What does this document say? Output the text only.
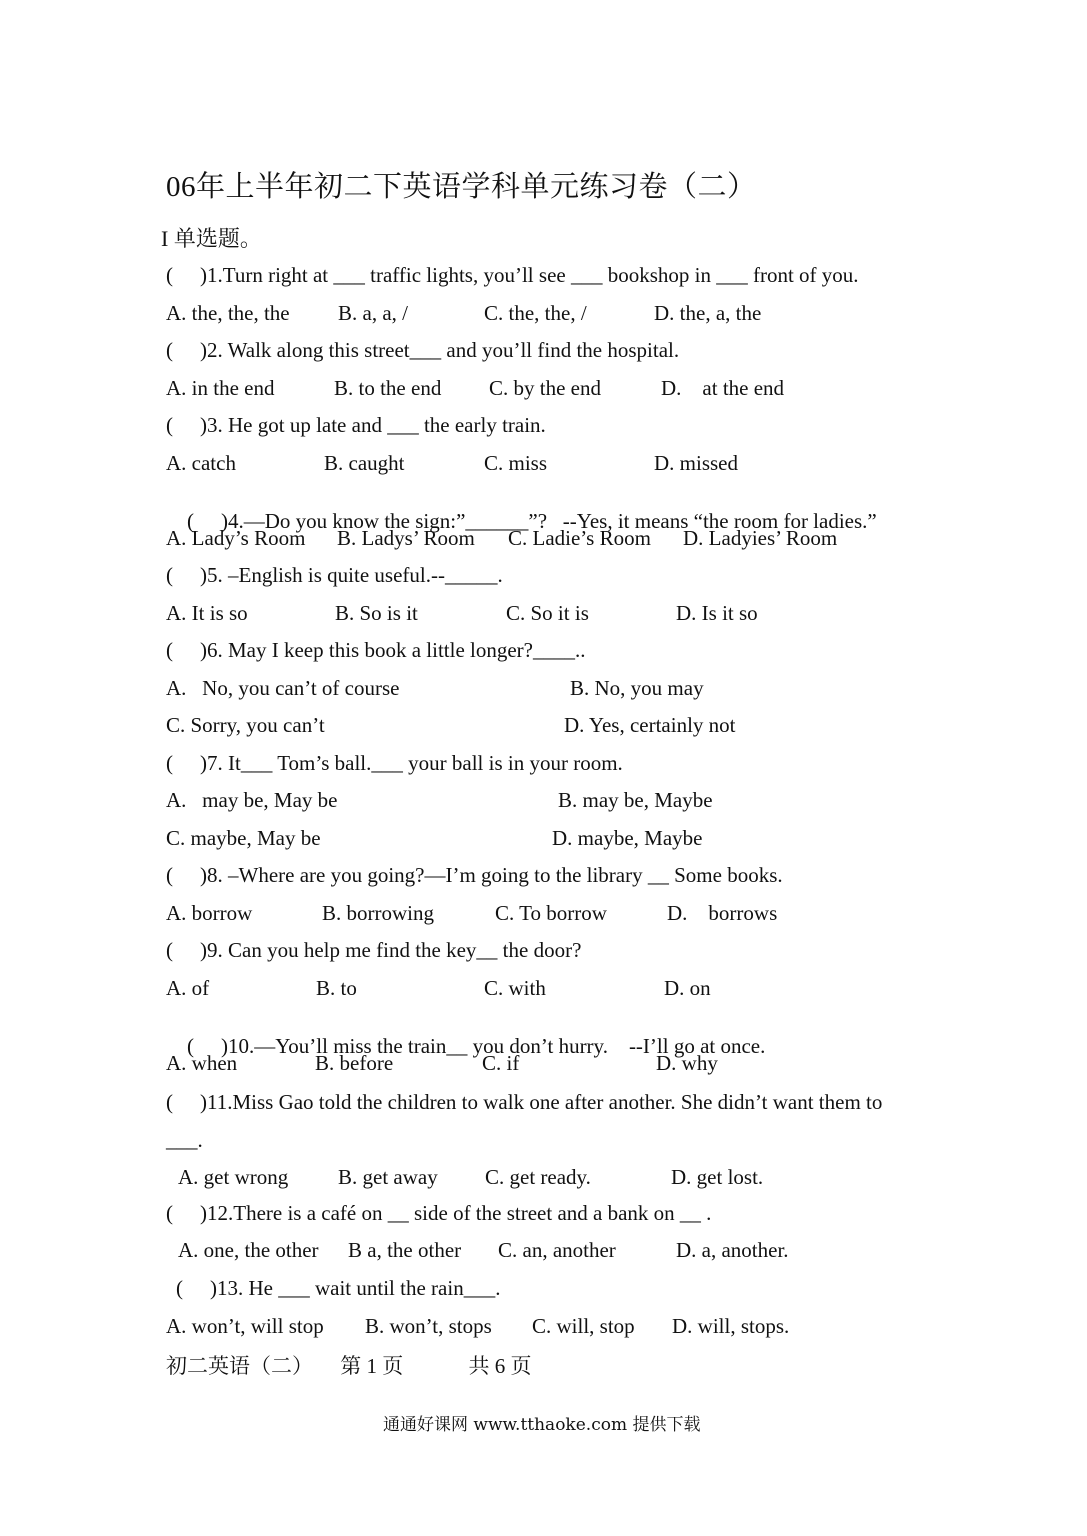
06年上半年初二下英语学科单元练习卷（二）
I 单选题。
( )1.Turn right at ___ traffic lights, you’ll see ___ bookshop in ___ front of you.
A. the, the, the B. a, a, /	C. the, the, /	D. the, a, the
( )2. Walk along this street___ and you’ll find the hospital.
A. in the end	B. to the end C. by the end	D.    at the end
( )3. He got up late and ___ the early train.
A. catch	B. caught	C. miss	D. missed

( )4.—Do you know the sign:”______”?   --Yes, it means “the room for ladies.”

A. Lady’s Room B. Ladys’ Room C. Ladie’s Room D. Ladyies’ Room
( )5. –English is quite useful.--_____.
A. It is so	B. So is it	C. So it is	D. Is it so
( )6. May I keep this book a little longer?____..
A.   No, you can’t of course	B. No, you may
C. Sorry, you can’t	D. Yes, certainly not
( )7. It___ Tom’s ball.___ your ball is in your room.
A.   may be, May be	B. may be, Maybe
C. maybe, May be	D. maybe, Maybe
( )8. –Where are you going?—I’m going to the library __ Some books.
A. borrow	B. borrowing	C. To borrow	D.    borrows
( )9. Can you help me find the key__ the door?
A. of	B. to	C. with	D. on

( )10.—You’ll miss the train__ you don’t hurry.    --I’ll go at once.

A. when	B. before	C. if	D. why
( )11.Miss Gao told the children to walk one after another. She didn’t want them to
___.
A. get wrong B. get away C. get ready.	D. get lost.
( )12.There is a café on __ side of the street and a bank on __ .
A. one, the other B a, the other C. an, another	D. a, another.
( )13. He ___ wait until the rain___.
A. won’t, will stop B. won’t, stops C. will, stop D. will, stops.
初二英语（二） 第 1 页	共 6 页
通通好课网 www.tthaoke.com 提供下载
